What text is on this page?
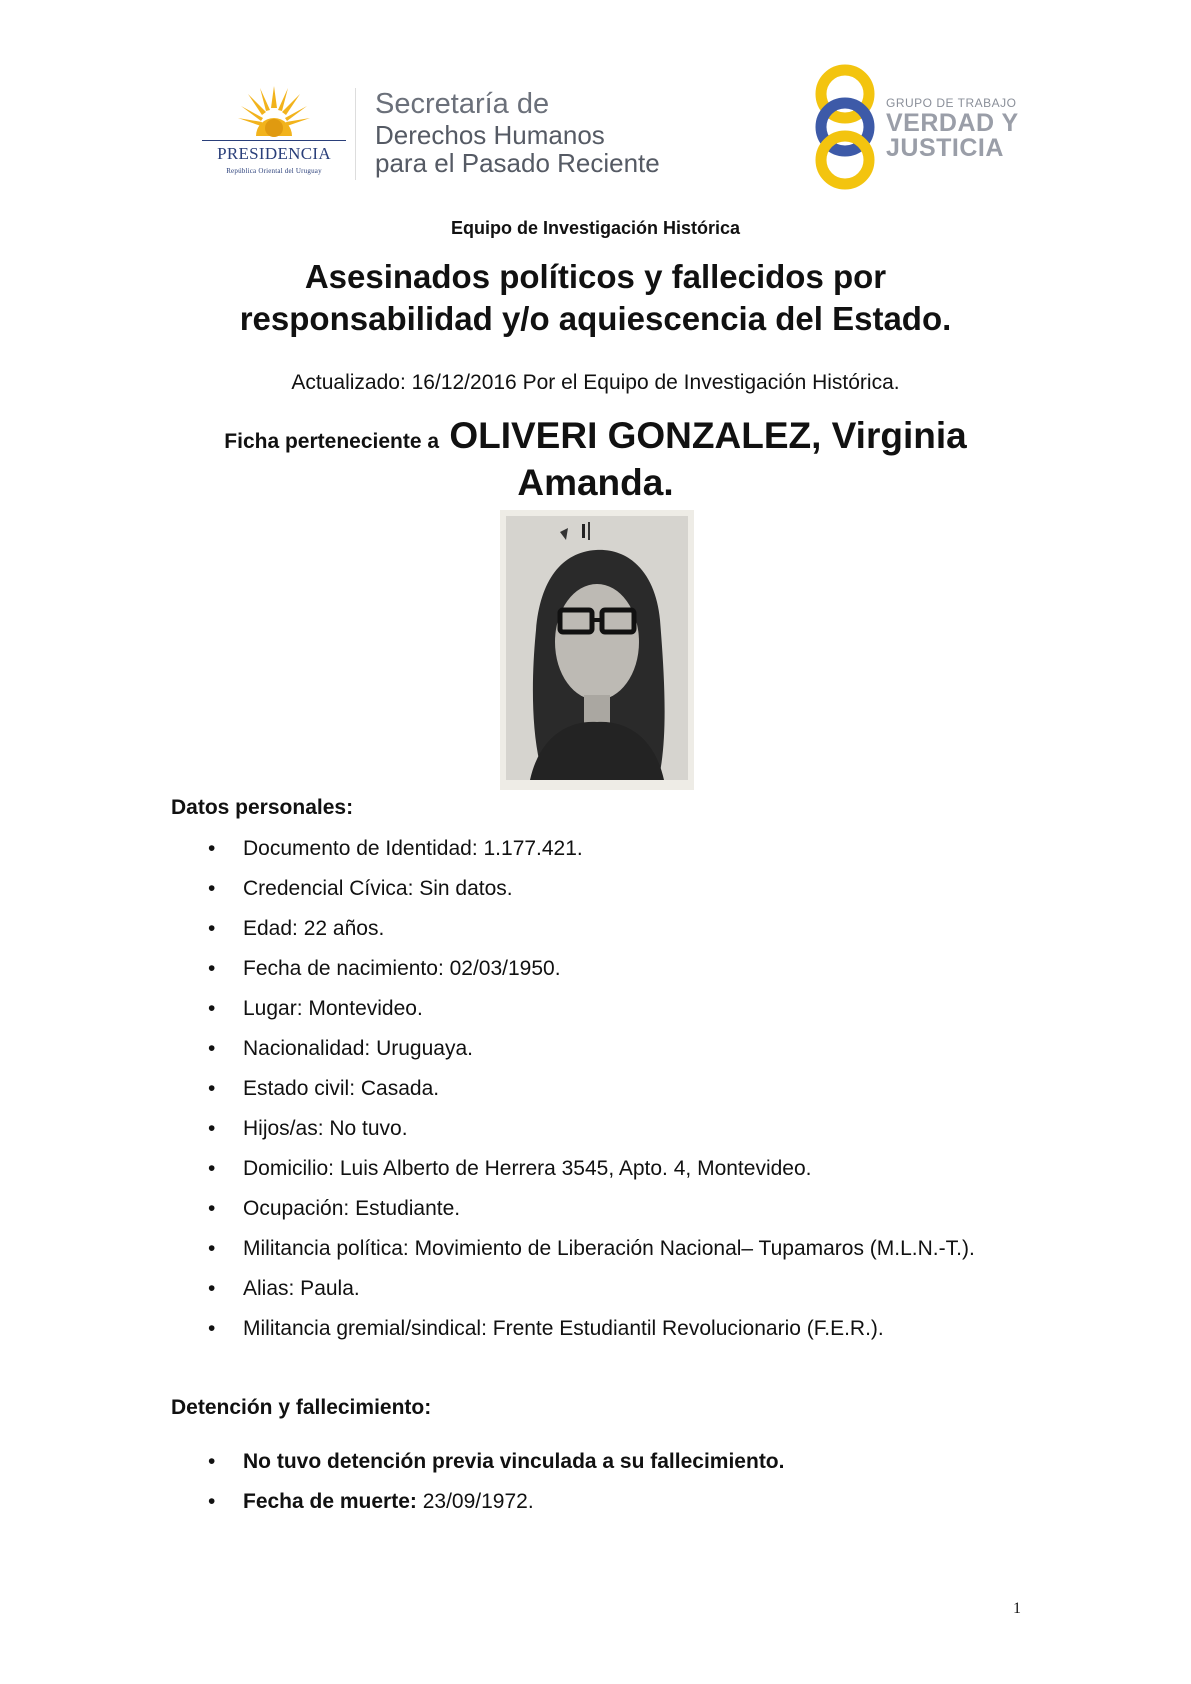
PRESIDENCIA
República Oriental del Uruguay
Secretaría de
Derechos Humanos
para el Pasado Reciente
GRUPO DE TRABAJO
VERDAD Y
JUSTICIA
Equipo de Investigación Histórica
Asesinados políticos y fallecidos por
responsabilidad y/o aquiescencia del Estado.
Actualizado: 16/12/2016 Por el Equipo de Investigación Histórica.
Ficha perteneciente a OLIVERI GONZALEZ, Virginia
Amanda.
Datos personales:
• Documento de Identidad: 1.177.421.
• Credencial Cívica: Sin datos.
• Edad: 22 años.
• Fecha de nacimiento: 02/03/1950.
• Lugar: Montevideo.
• Nacionalidad: Uruguaya.
• Estado civil: Casada.
• Hijos/as: No tuvo.
• Domicilio: Luis Alberto de Herrera 3545, Apto. 4, Montevideo.
• Ocupación: Estudiante.
• Militancia política: Movimiento de Liberación Nacional– Tupamaros (M.L.N.-T.).
• Alias: Paula.
• Militancia gremial/sindical: Frente Estudiantil Revolucionario (F.E.R.).
Detención y fallecimiento:
• No tuvo detención previa vinculada a su fallecimiento.
• Fecha de muerte: 23/09/1972.
1
